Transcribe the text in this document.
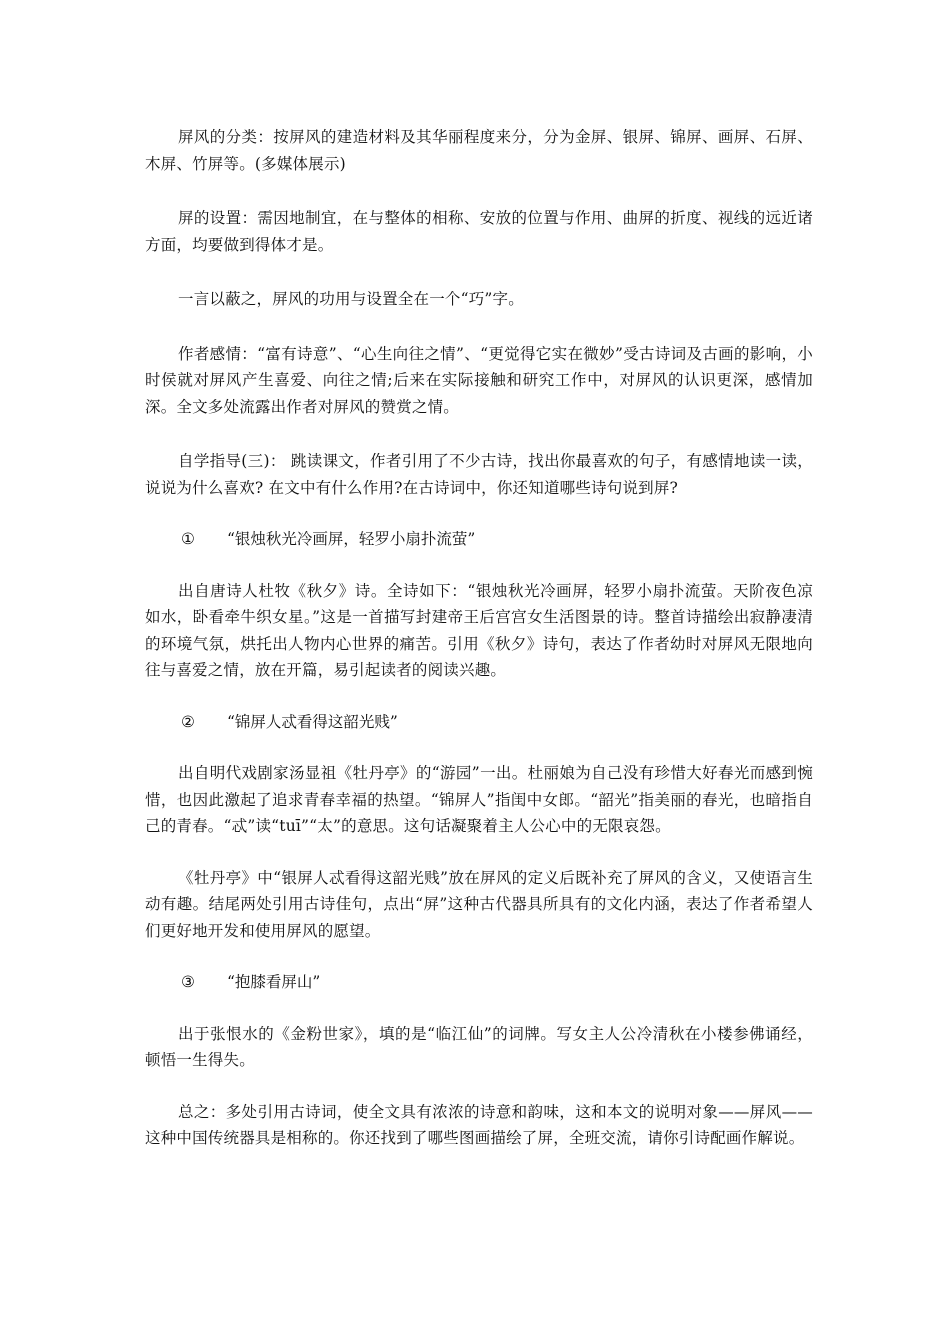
屏风的分类：按屏风的建造材料及其华丽程度来分，分为金屏、银屏、锦屏、画屏、石屏、木屏、竹屏等。(多媒体展示)

屏的设置：需因地制宜，在与整体的相称、安放的位置与作用、曲屏的折度、视线的远近诸方面，均要做到得体才是。

一言以蔽之，屏风的功用与设置全在一个“巧”字。

作者感情：“富有诗意”、“心生向往之情”、“更觉得它实在微妙”受古诗词及古画的影响，小时侯就对屏风产生喜爱、向往之情;后来在实际接触和研究工作中，对屏风的认识更深，感情加深。全文多处流露出作者对屏风的赞赏之情。

自学指导(三)： 跳读课文，作者引用了不少古诗，找出你最喜欢的句子，有感情地读一读，说说为什么喜欢? 在文中有什么作用?在古诗词中，你还知道哪些诗句说到屏?

① “银烛秋光冷画屏，轻罗小扇扑流萤”

出自唐诗人杜牧《秋夕》诗。全诗如下：“银烛秋光冷画屏，轻罗小扇扑流萤。天阶夜色凉如水，卧看牵牛织女星。”这是一首描写封建帝王后宫宫女生活图景的诗。整首诗描绘出寂静凄清的环境气氛，烘托出人物内心世界的痛苦。引用《秋夕》诗句，表达了作者幼时对屏风无限地向往与喜爱之情，放在开篇，易引起读者的阅读兴趣。

② “锦屏人忒看得这韶光贱”

出自明代戏剧家汤显祖《牡丹亭》的“游园”一出。杜丽娘为自己没有珍惜大好春光而感到惋惜，也因此激起了追求青春幸福的热望。“锦屏人”指闺中女郎。“韶光”指美丽的春光，也暗指自己的青春。“忒”读“tuī”“太”的意思。这句话凝聚着主人公心中的无限哀怨。

《牡丹亭》中“银屏人忒看得这韶光贱”放在屏风的定义后既补充了屏风的含义，又使语言生动有趣。结尾两处引用古诗佳句，点出“屏”这种古代器具所具有的文化内涵，表达了作者希望人们更好地开发和使用屏风的愿望。

③ “抱膝看屏山”

出于张恨水的《金粉世家》，填的是“临江仙”的词牌。写女主人公冷清秋在小楼参佛诵经，顿悟一生得失。

总之：多处引用古诗词，使全文具有浓浓的诗意和韵味，这和本文的说明对象——屏风——这种中国传统器具是相称的。你还找到了哪些图画描绘了屏，全班交流，请你引诗配画作解说。
